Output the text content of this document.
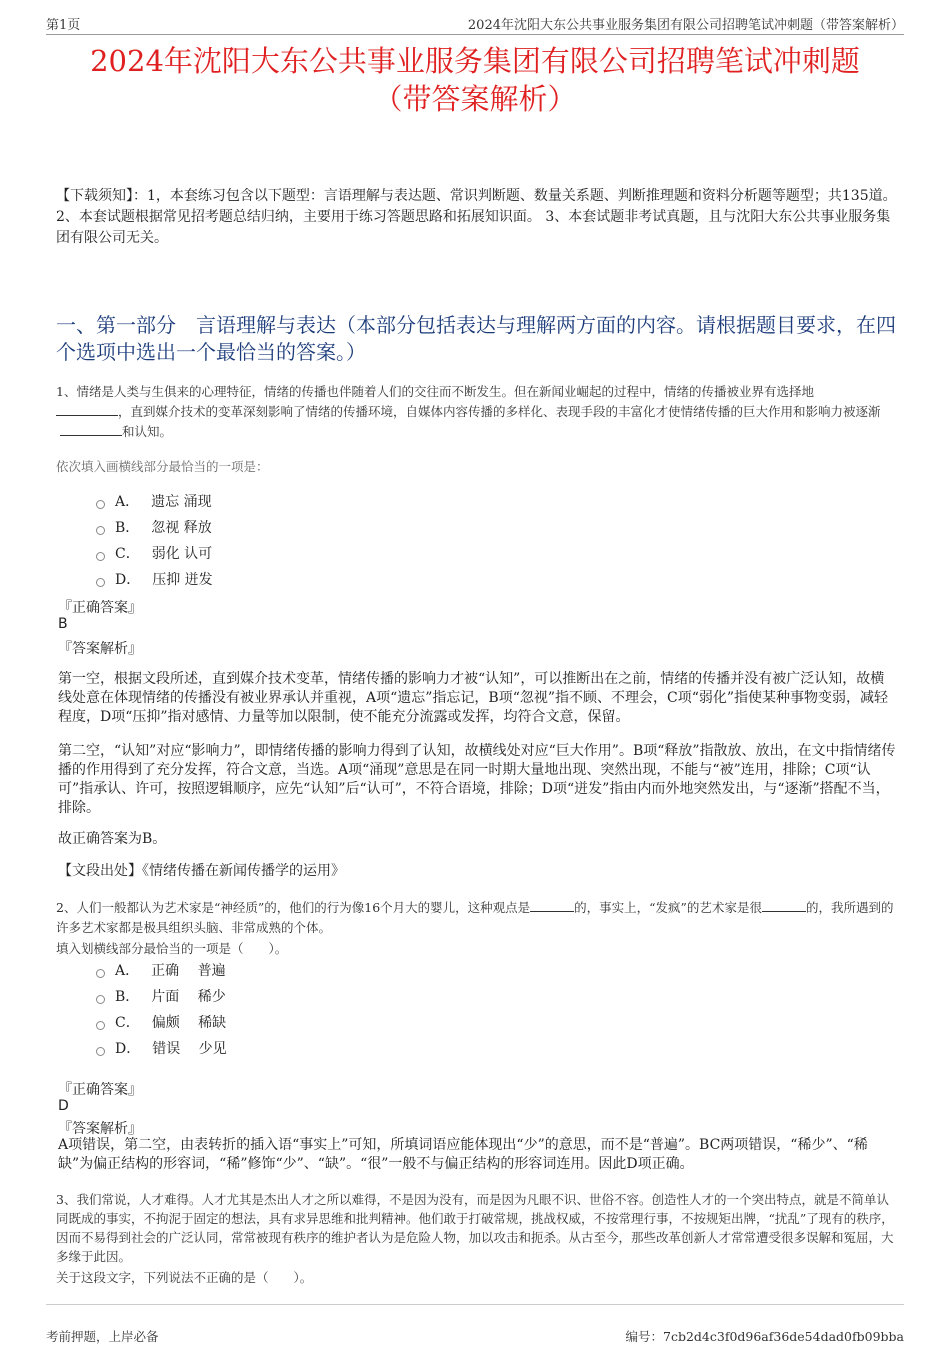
第1页	2024年沈阳大东公共事业服务集团有限公司招聘笔试冲刺题（带答案解析）
2024年沈阳大东公共事业服务集团有限公司招聘笔试冲刺题
（带答案解析）
【下载须知】：1，本套练习包含以下题型：言语理解与表达题、常识判断题、数量关系题、判断推理题和资料分析题等题型；共135道。 2、本套试题根据常见招考题总结归纳，主要用于练习答题思路和拓展知识面。 3、本套试题非考试真题，且与沈阳大东公共事业服务集团有限公司无关。
一、第一部分　言语理解与表达（本部分包括表达与理解两方面的内容。请根据题目要求，在四个选项中选出一个最恰当的答案。）
1、情绪是人类与生俱来的心理特征，情绪的传播也伴随着人们的交往而不断发生。但在新闻业崛起的过程中，情绪的传播被业界有选择地
，直到媒介技术的变革深刻影响了情绪的传播环境，自媒体内容传播的多样化、表现手段的丰富化才使情绪传播的巨大作用和影响力被逐渐
和认知。
依次填入画横线部分最恰当的一项是：
A． 遗忘 涌现
B． 忽视 释放
C． 弱化 认可
D． 压抑 迸发
『正确答案』
B
『答案解析』
第一空，根据文段所述，直到媒介技术变革，情绪传播的影响力才被“认知”，可以推断出在之前，情绪的传播并没有被广泛认知，故横线处意在体现情绪的传播没有被业界承认并重视，A项“遗忘”指忘记，B项“忽视”指不顾、不理会，C项“弱化”指使某种事物变弱，减轻程度，D项“压抑”指对感情、力量等加以限制，使不能充分流露或发挥，均符合文意，保留。
第二空，“认知”对应“影响力”，即情绪传播的影响力得到了认知，故横线处对应“巨大作用”。B项“释放”指散放、放出，在文中指情绪传播的作用得到了充分发挥，符合文意，当选。A项“涌现”意思是在同一时期大量地出现、突然出现，不能与“被”连用，排除；C项“认可”指承认、许可，按照逻辑顺序，应先“认知”后“认可”，不符合语境，排除；D项“迸发”指由内而外地突然发出，与“逐渐”搭配不当，排除。
故正确答案为B。
【文段出处】《情绪传播在新闻传播学的运用》
2、人们一般都认为艺术家是“神经质”的，他们的行为像16个月大的婴儿，这种观点是	的，事实上，“发疯”的艺术家是很	的，我所遇到的许多艺术家都是极具组织头脑、非常成熟的个体。
填入划横线部分最恰当的一项是（　　）。
A． 正确　 普遍
B． 片面　 稀少
C． 偏颇　 稀缺
D． 错误　 少见
『正确答案』
D
『答案解析』
A项错误，第二空，由表转折的插入语“事实上”可知，所填词语应能体现出“少”的意思，而不是“普遍”。BC两项错误，“稀少”、“稀缺”为偏正结构的形容词，“稀”修饰“少”、“缺”。“很”一般不与偏正结构的形容词连用。因此D项正确。
3、我们常说，人才难得。人才尤其是杰出人才之所以难得，不是因为没有，而是因为凡眼不识、世俗不容。创造性人才的一个突出特点，就是不简单认同既成的事实，不拘泥于固定的想法，具有求异思维和批判精神。他们敢于打破常规，挑战权威，不按常理行事，不按规矩出牌，“扰乱”了现有的秩序，因而不易得到社会的广泛认同，常常被现有秩序的维护者认为是危险人物，加以攻击和扼杀。从古至今，那些改革创新人才常常遭受很多误解和冤屈，大多缘于此因。
关于这段文字，下列说法不正确的是（　　）。
考前押题，上岸必备	编号：7cb2d4c3f0d96af36de54dad0fb09bba
